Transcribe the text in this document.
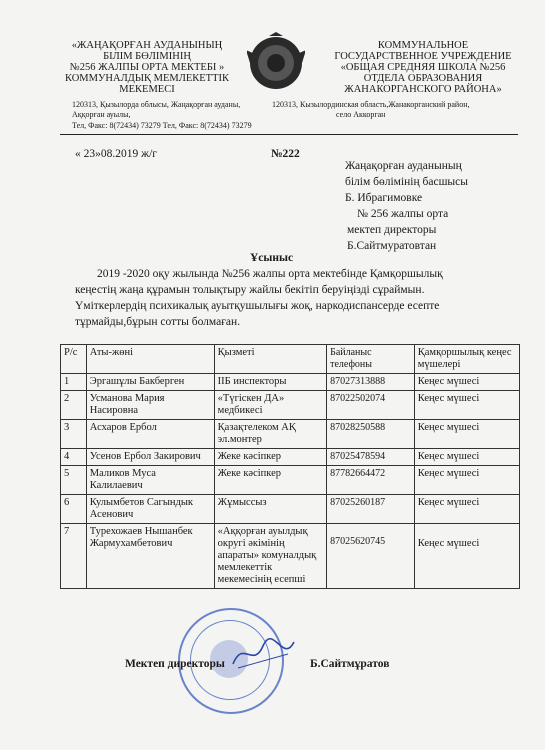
«ЖАҢАҚОРҒАН АУДАНЫНЫҢ
БІЛІМ БӨЛІМІНІҢ
№256 ЖАЛПЫ ОРТА МЕКТЕБІ »
КОММУНАЛДЫҚ МЕМЛЕКЕТТІК
МЕКЕМЕСІ
КОММУНАЛЬНОЕ
ГОСУДАРСТВЕННОЕ УЧРЕЖДЕНИЕ
«ОБЩАЯ СРЕДНЯЯ ШКОЛА №256
ОТДЕЛА ОБРАЗОВАНИЯ
ЖАНАКОРГАНСКОГО РАЙОНА»
120313, Қызылорда облысы, Жаңақорған ауданы,
Аққорған ауылы,
120313, Кызылординская область,Жанакорганский район,
село Аккорган
Тел, Факс: 8(72434) 73279 Тел, Факс: 8(72434) 73279
« 23»08.2019 ж/г	№222
Жаңақорған ауданының
білім бөлімінің басшысы
Б. Ибрагимовке
№ 256 жалпы орта
мектеп директоры
Б.Сайтмуратовтан
Ұсыныс
2019 -2020 оқу жылында №256 жалпы орта мектебінде Қамқоршылық
кеңестің жаңа құрамын толықтыру жайлы бекітіп беруіңізді сұраймын.
Үміткерлердің психикалық ауытқушылығы жоқ, наркодиспансерде есепте
тұрмайды,бұрын сотты болмаған.
Р/с	Аты-жөні	Қызметі	Байланыс телефоны	Қамқоршылық кеңес мүшелері
1	Эргашұлы Бакберген	ІІБ инспекторы	87027313888	Кеңес мүшесі
2	Усманова Мария Насировна	«Түгіскен ДА» медбикесі	87022502074	Кеңес мүшесі
3	Асхаров Ербол	Қазақтелеком АҚ эл.монтер	87028250588	Кеңес мүшесі
4	Усенов Ербол Закирович	Жеке кәсіпкер	87025478594	Кеңес мүшесі
5	Маликов Муса Калилаевич	Жеке кәсіпкер	87782664472	Кеңес мүшесі
6	Кулымбетов Сагындык Асенович	Жұмыссыз	87025260187	Кеңес мүшесі
7	Турехожаев Нышанбек Жармухамбетович	«Аққорған ауылдық округі әкімінің апараты» комуналдық мемлекеттік мекемесінің есепші	87025620745	Кеңес мүшесі
Мектеп директоры	Б.Сайтмұратов
